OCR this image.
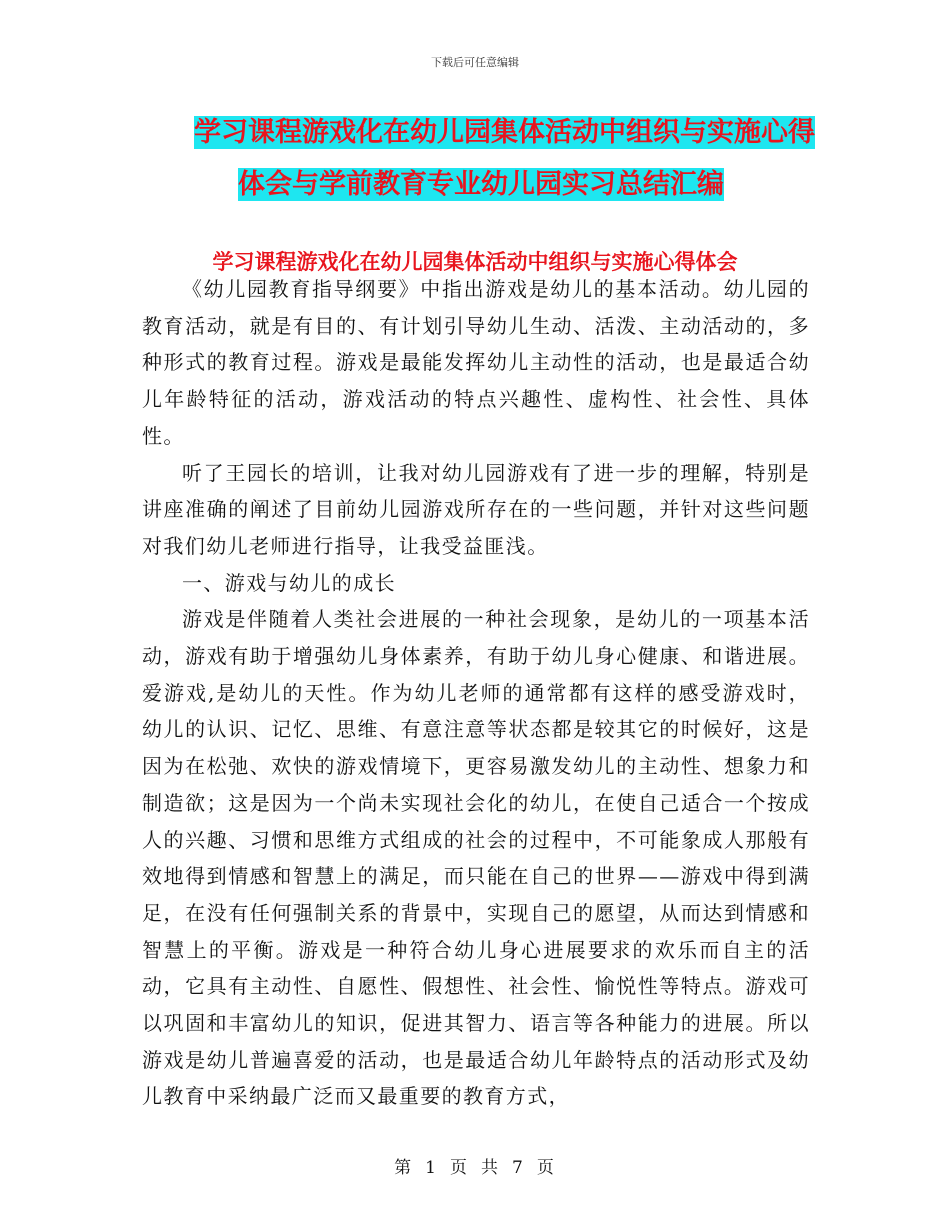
下载后可任意编辑
学习课程游戏化在幼儿园集体活动中组织与实施心得
体会与学前教育专业幼儿园实习总结汇编
学习课程游戏化在幼儿园集体活动中组织与实施心得体会

《幼儿园教育指导纲要》中指出游戏是幼儿的基本活动。幼儿园的教育活动，就是有目的、有计划引导幼儿生动、活泼、主动活动的，多种形式的教育过程。游戏是最能发挥幼儿主动性的活动，也是最适合幼儿年龄特征的活动，游戏活动的特点兴趣性、虚构性、社会性、具体性。

听了王园长的培训，让我对幼儿园游戏有了进一步的理解，特别是讲座准确的阐述了目前幼儿园游戏所存在的一些问题，并针对这些问题对我们幼儿老师进行指导，让我受益匪浅。

一、游戏与幼儿的成长

游戏是伴随着人类社会进展的一种社会现象，是幼儿的一项基本活动，游戏有助于增强幼儿身体素养，有助于幼儿身心健康、和谐进展。爱游戏,是幼儿的天性。作为幼儿老师的通常都有这样的感受游戏时，幼儿的认识、记忆、思维、有意注意等状态都是较其它的时候好，这是因为在松弛、欢快的游戏情境下，更容易激发幼儿的主动性、想象力和制造欲；这是因为一个尚未实现社会化的幼儿，在使自己适合一个按成人的兴趣、习惯和思维方式组成的社会的过程中，不可能象成人那般有效地得到情感和智慧上的满足，而只能在自己的世界——游戏中得到满足，在没有任何强制关系的背景中，实现自己的愿望，从而达到情感和智慧上的平衡。游戏是一种符合幼儿身心进展要求的欢乐而自主的活动，它具有主动性、自愿性、假想性、社会性、愉悦性等特点。游戏可以巩固和丰富幼儿的知识，促进其智力、语言等各种能力的进展。所以游戏是幼儿普遍喜爱的活动，也是最适合幼儿年龄特点的活动形式及幼儿教育中采纳最广泛而又最重要的教育方式，

第 1 页 共 7 页
